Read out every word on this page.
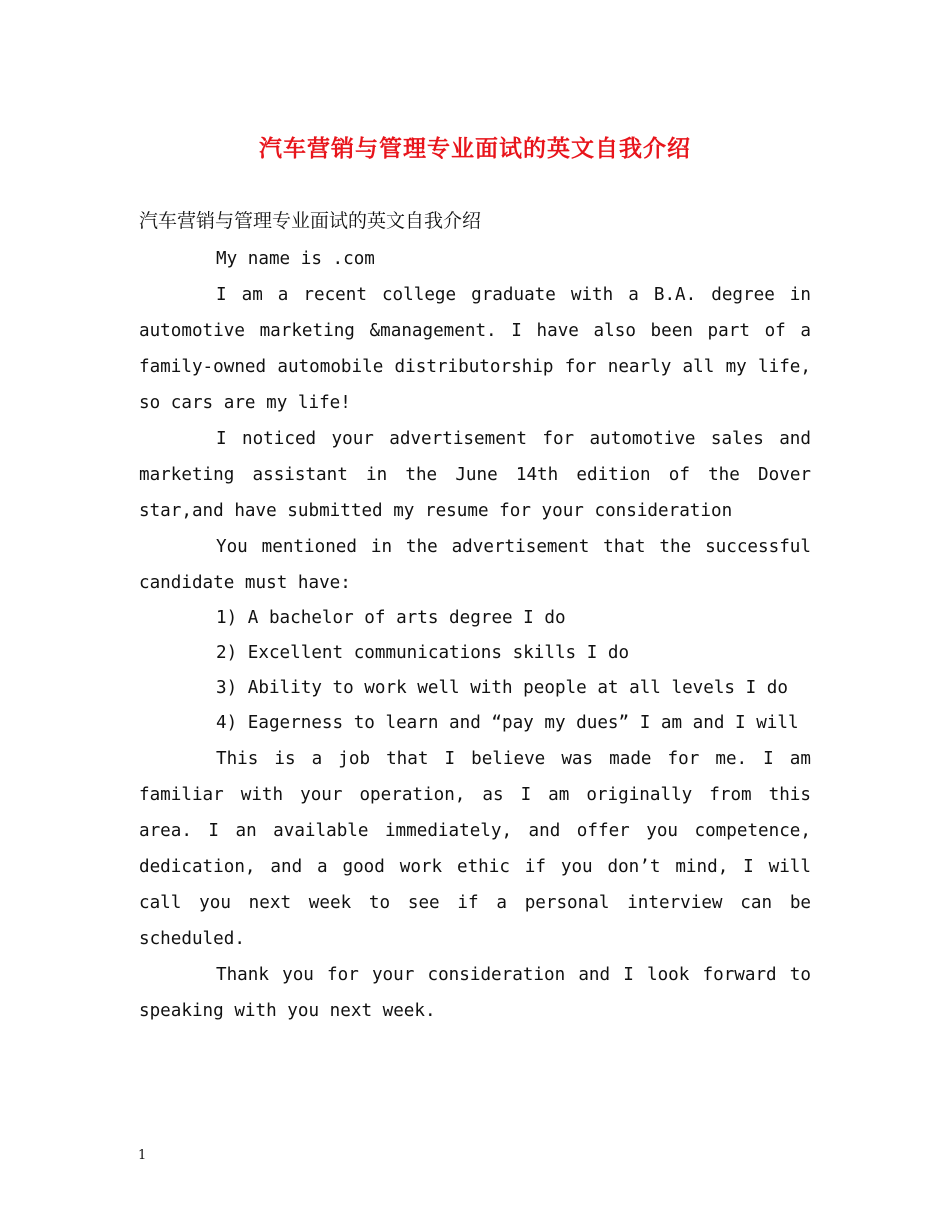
汽车营销与管理专业面试的英文自我介绍
汽车营销与管理专业面试的英文自我介绍

My name is .com

I am a recent college graduate with a B.A. degree in automotive marketing &management. I have also been part of a family-owned automobile distributorship for nearly all my life, so cars are my life!

I noticed your advertisement for automotive sales and marketing assistant in the June 14th edition of the Dover star,and have submitted my resume for your consideration

You mentioned in the advertisement that the successful candidate must have:

1) A bachelor of arts degree I do

2) Excellent communications skills I do

3) Ability to work well with people at all levels I do

4) Eagerness to learn and “pay my dues” I am and I will

This is a job that I believe was made for me. I am familiar with your operation, as I am originally from this area. I an available immediately, and offer you competence, dedication, and a good work ethic if you don’t mind, I will call you next week to see if a personal interview can be scheduled.

Thank you for your consideration and I look forward to speaking with you next week.

1
